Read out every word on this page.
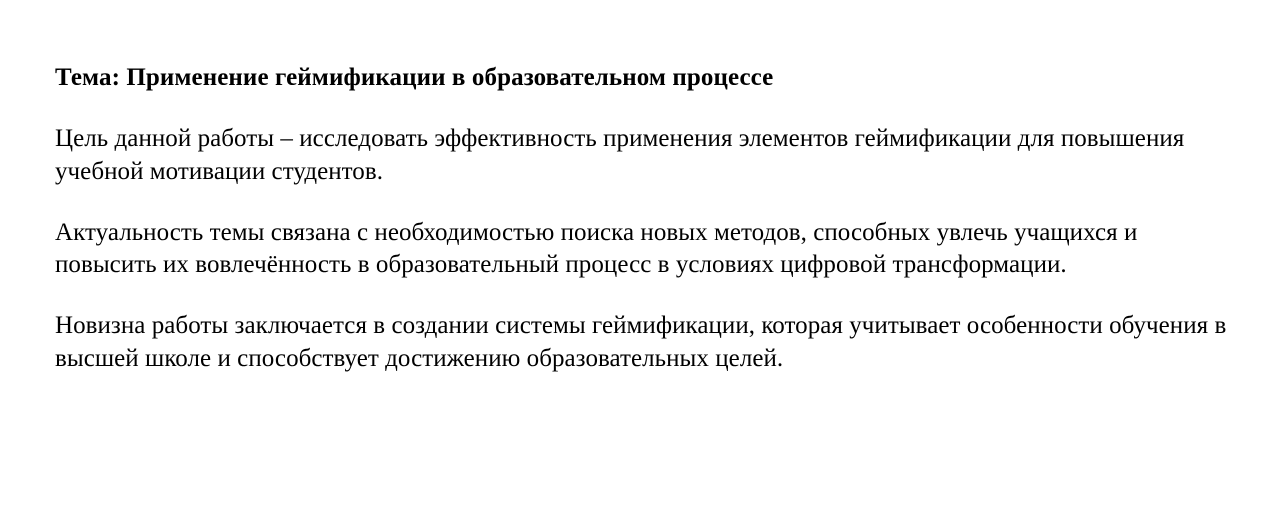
Тема: Применение геймификации в образовательном процессе

Цель данной работы – исследовать эффективность применения элементов геймификации для повышения учебной мотивации студентов.

Актуальность темы связана с необходимостью поиска новых методов, способных увлечь учащихся и повысить их вовлечённость в образовательный процесс в условиях цифровой трансформации.

Новизна работы заключается в создании системы геймификации, которая учитывает особенности обучения в высшей школе и способствует достижению образовательных целей.
